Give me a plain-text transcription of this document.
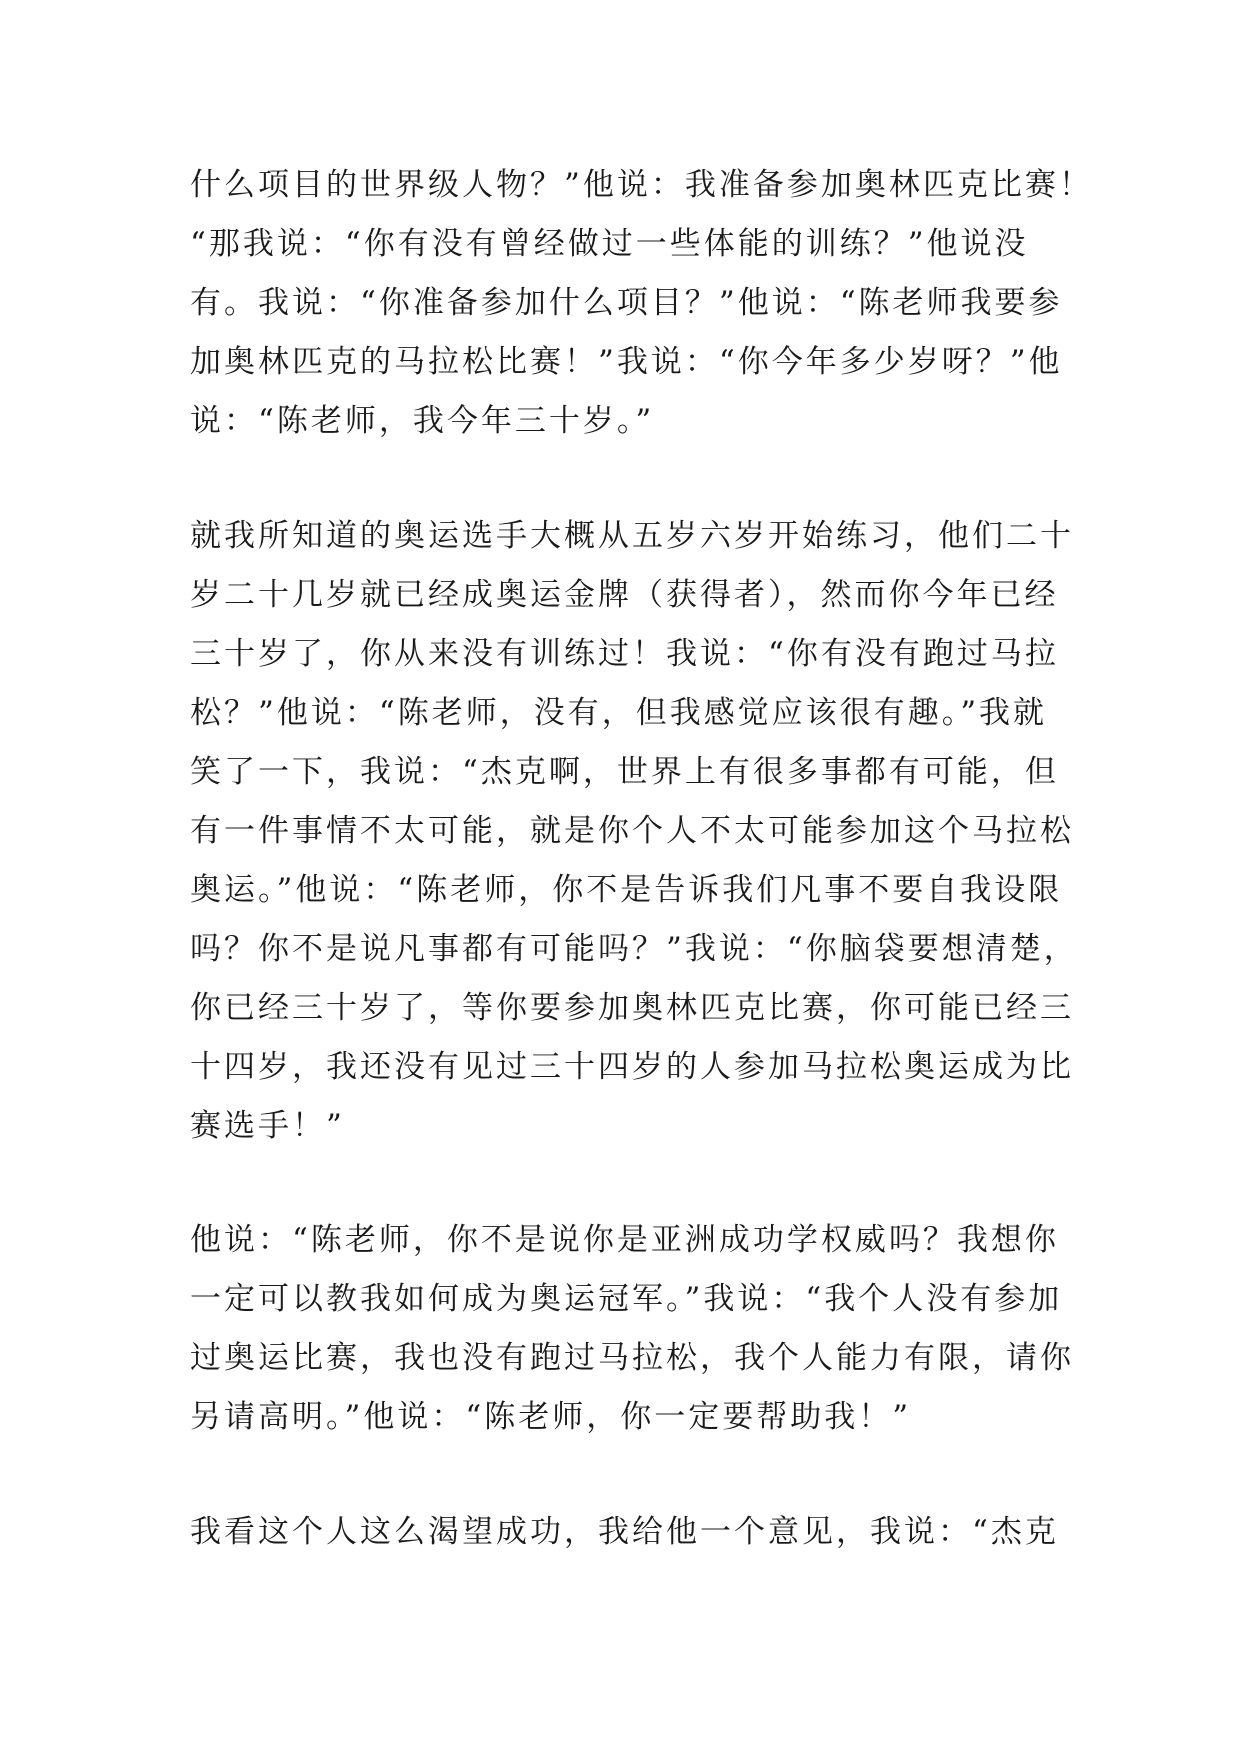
什么项目的世界级人物？”他说：我准备参加奥林匹克比赛！
“那我说：“你有没有曾经做过一些体能的训练？”他说没
有。我说：“你准备参加什么项目？”他说：“陈老师我要参
加奥林匹克的马拉松比赛！”我说：“你今年多少岁呀？”他
说：“陈老师，我今年三十岁。”
就我所知道的奥运选手大概从五岁六岁开始练习，他们二十
岁二十几岁就已经成奥运金牌（获得者），然而你今年已经
三十岁了，你从来没有训练过！我说：“你有没有跑过马拉
松？”他说：“陈老师，没有，但我感觉应该很有趣。”我就
笑了一下，我说：“杰克啊，世界上有很多事都有可能，但
有一件事情不太可能，就是你个人不太可能参加这个马拉松
奥运。”他说：“陈老师，你不是告诉我们凡事不要自我设限
吗？你不是说凡事都有可能吗？”我说：“你脑袋要想清楚，
你已经三十岁了，等你要参加奥林匹克比赛，你可能已经三
十四岁，我还没有见过三十四岁的人参加马拉松奥运成为比
赛选手！”
他说：“陈老师，你不是说你是亚洲成功学权威吗？我想你
一定可以教我如何成为奥运冠军。”我说：“我个人没有参加
过奥运比赛，我也没有跑过马拉松，我个人能力有限，请你
另请高明。”他说：“陈老师，你一定要帮助我！”
我看这个人这么渴望成功，我给他一个意见，我说：“杰克
